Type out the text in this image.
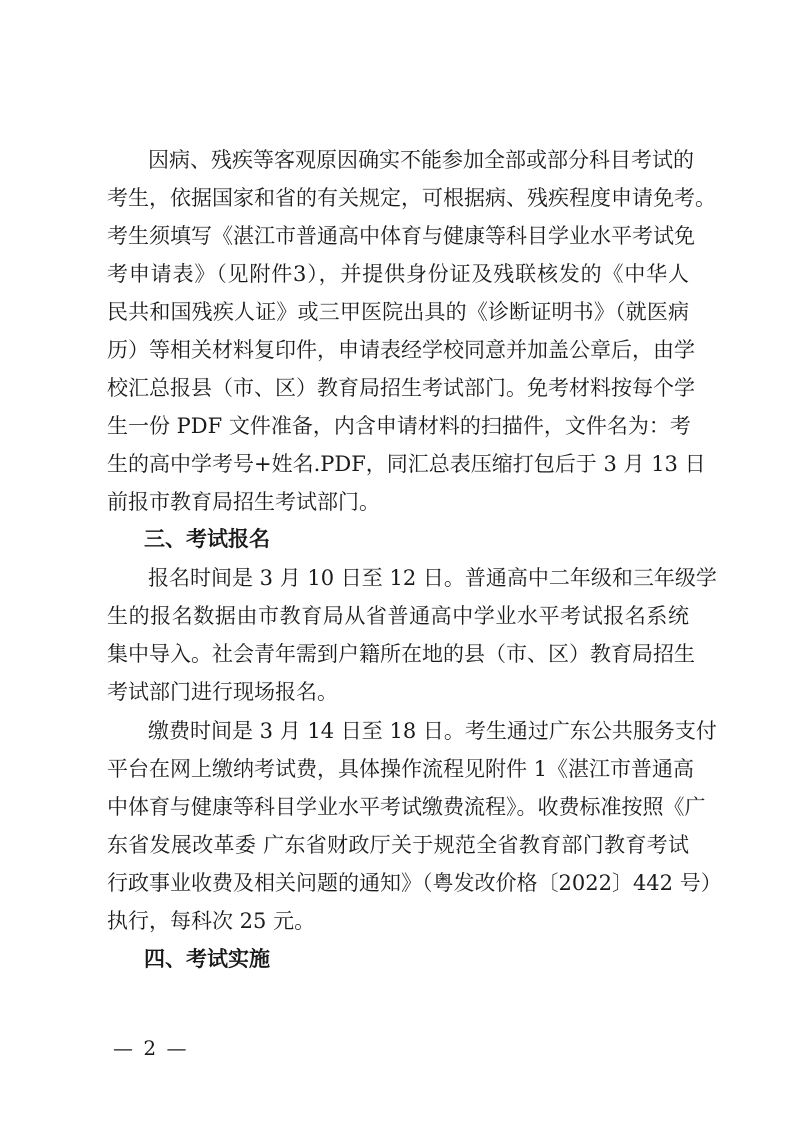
因病、残疾等客观原因确实不能参加全部或部分科目考试的
考生，依据国家和省的有关规定，可根据病、残疾程度申请免考。
考生须填写《湛江市普通高中体育与健康等科目学业水平考试免
考申请表》（见附件3），并提供身份证及残联核发的《中华人
民共和国残疾人证》或三甲医院出具的《诊断证明书》（就医病
历）等相关材料复印件，申请表经学校同意并加盖公章后，由学
校汇总报县（市、区）教育局招生考试部门。免考材料按每个学
生一份 PDF 文件准备，内含申请材料的扫描件，文件名为：考
生的高中学考号+姓名.PDF，同汇总表压缩打包后于 3 月 13 日
前报市教育局招生考试部门。
三、考试报名
报名时间是 3 月 10 日至 12 日。普通高中二年级和三年级学
生的报名数据由市教育局从省普通高中学业水平考试报名系统
集中导入。社会青年需到户籍所在地的县（市、区）教育局招生
考试部门进行现场报名。
缴费时间是 3 月 14 日至 18 日。考生通过广东公共服务支付
平台在网上缴纳考试费，具体操作流程见附件 1《湛江市普通高
中体育与健康等科目学业水平考试缴费流程》。收费标准按照《广
东省发展改革委 广东省财政厅关于规范全省教育部门教育考试
行政事业收费及相关问题的通知》（粤发改价格〔2022〕442 号）
执行，每科次 25 元。
四、考试实施
— 2 —
